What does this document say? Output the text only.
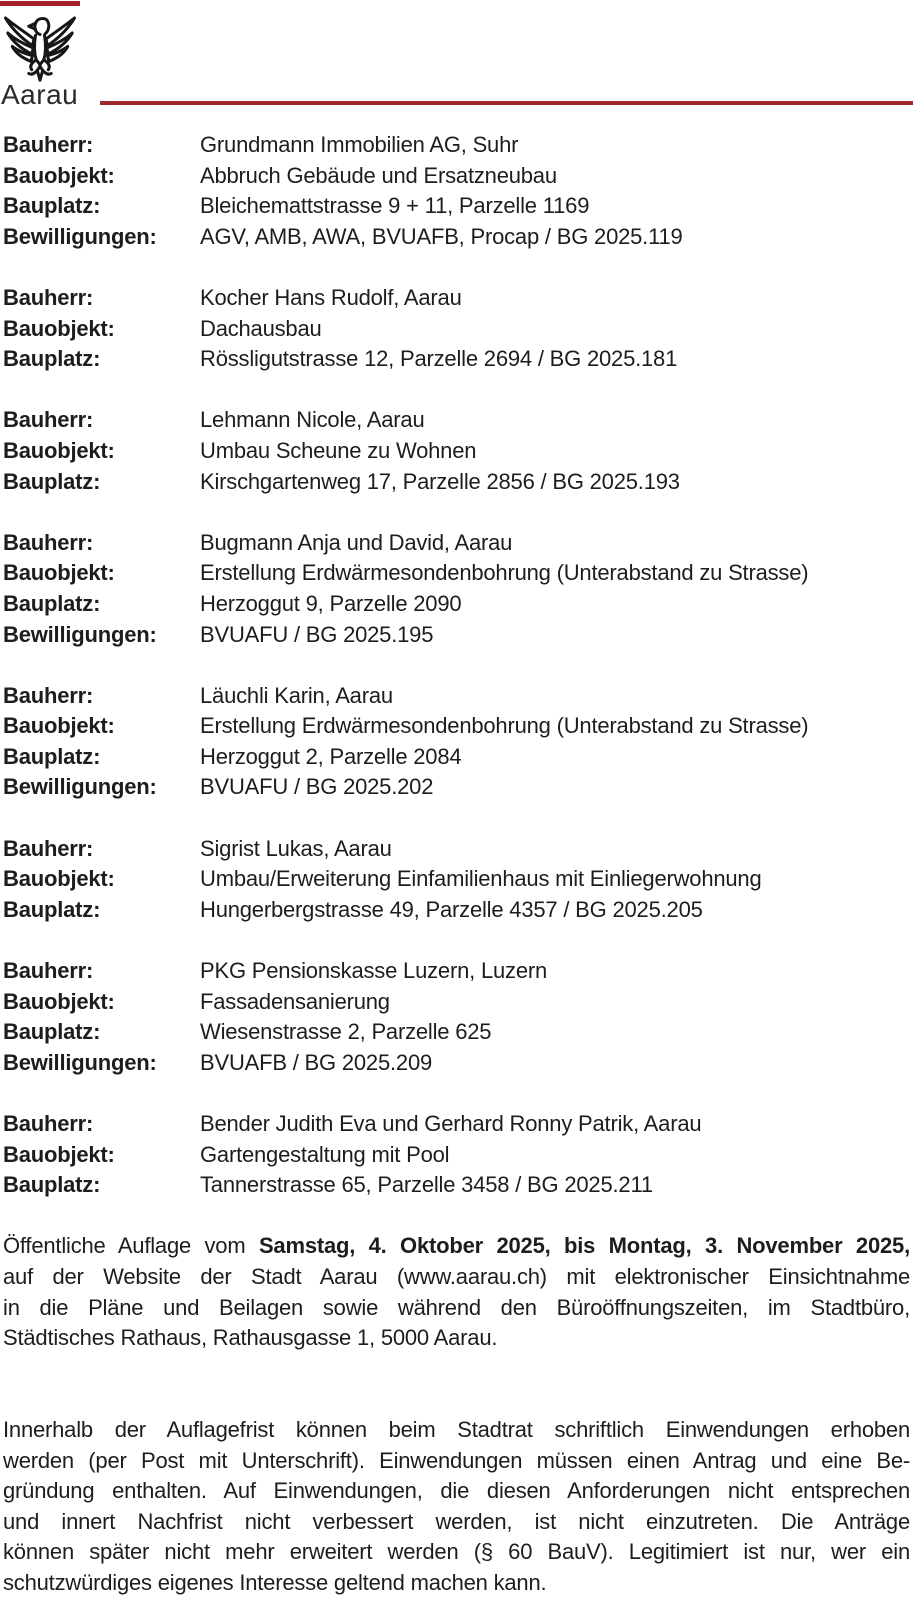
Aarau
Bauherr:	Grundmann Immobilien AG, Suhr
Bauobjekt:	Abbruch Gebäude und Ersatzneubau
Bauplatz:	Bleichemattstrasse 9 + 11, Parzelle 1169
Bewilligungen:	AGV, AMB, AWA, BVUAFB, Procap / BG 2025.119
Bauherr:	Kocher Hans Rudolf, Aarau
Bauobjekt:	Dachausbau
Bauplatz:	Rössligutstrasse 12, Parzelle 2694 / BG 2025.181
Bauherr:	Lehmann Nicole, Aarau
Bauobjekt:	Umbau Scheune zu Wohnen
Bauplatz:	Kirschgartenweg 17, Parzelle 2856 / BG 2025.193
Bauherr:	Bugmann Anja und David, Aarau
Bauobjekt:	Erstellung Erdwärmesondenbohrung (Unterabstand zu Strasse)
Bauplatz:	Herzoggut 9, Parzelle 2090
Bewilligungen:	BVUAFU / BG 2025.195
Bauherr:	Läuchli Karin, Aarau
Bauobjekt:	Erstellung Erdwärmesondenbohrung (Unterabstand zu Strasse)
Bauplatz:	Herzoggut 2, Parzelle 2084
Bewilligungen:	BVUAFU / BG 2025.202
Bauherr:	Sigrist Lukas, Aarau
Bauobjekt:	Umbau/Erweiterung Einfamilienhaus mit Einliegerwohnung
Bauplatz:	Hungerbergstrasse 49, Parzelle 4357 / BG 2025.205
Bauherr:	PKG Pensionskasse Luzern, Luzern
Bauobjekt:	Fassadensanierung
Bauplatz:	Wiesenstrasse 2, Parzelle 625
Bewilligungen:	BVUAFB / BG 2025.209
Bauherr:	Bender Judith Eva und Gerhard Ronny Patrik, Aarau
Bauobjekt:	Gartengestaltung mit Pool
Bauplatz:	Tannerstrasse 65, Parzelle 3458 / BG 2025.211
Öffentliche Auflage vom Samstag, 4. Oktober 2025, bis Montag, 3. November 2025,
auf der Website der Stadt Aarau (www.aarau.ch) mit elektronischer Einsichtnahme
in die Pläne und Beilagen sowie während den Büroöffnungszeiten, im Stadtbüro,
Städtisches Rathaus, Rathausgasse 1, 5000 Aarau.
Innerhalb der Auflagefrist können beim Stadtrat schriftlich Einwendungen erhoben
werden (per Post mit Unterschrift). Einwendungen müssen einen Antrag und eine Be-
gründung enthalten. Auf Einwendungen, die diesen Anforderungen nicht entsprechen
und innert Nachfrist nicht verbessert werden, ist nicht einzutreten. Die Anträge
können später nicht mehr erweitert werden (§ 60 BauV). Legitimiert ist nur, wer ein
schutzwürdiges eigenes Interesse geltend machen kann.
